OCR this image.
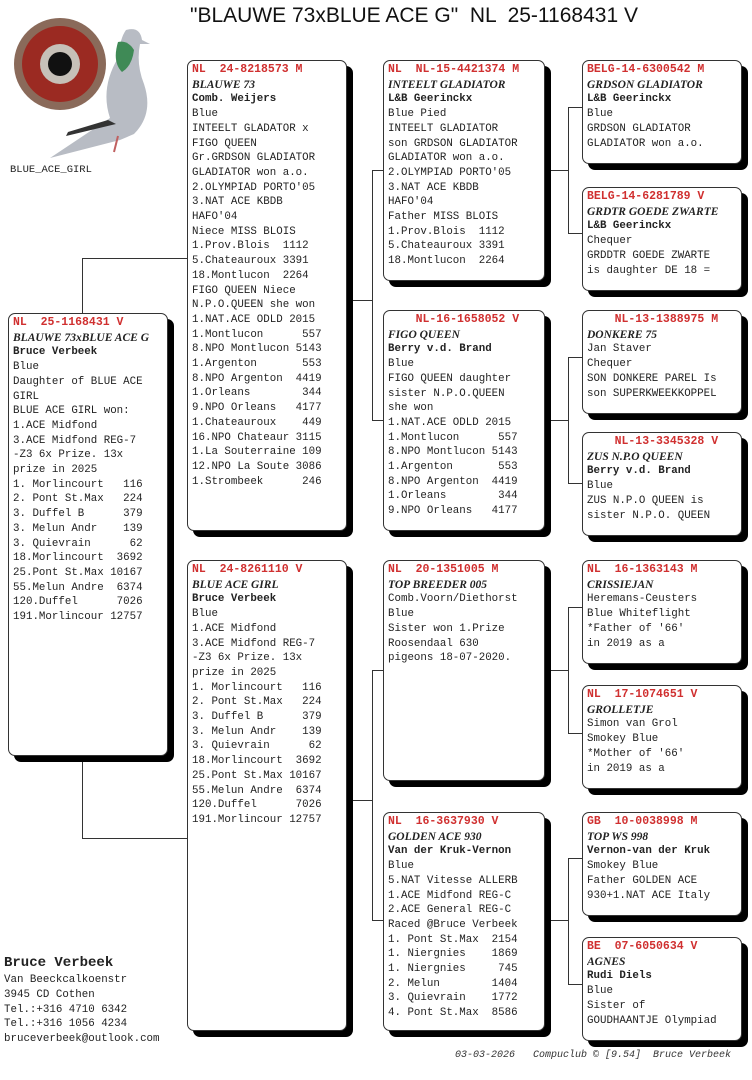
"BLAUWE 73xBLUE ACE G"  NL  25-1168431 V
BLUE_ACE_GIRL
NL  25-1168431 V
BLAUWE 73xBLUE ACE G
Bruce Verbeek
Blue
Daughter of BLUE ACE
GIRL
BLUE ACE GIRL won:
1.ACE Midfond
3.ACE Midfond REG-7
-Z3 6x Prize. 13x
prize in 2025
1. Morlincourt   116
2. Pont St.Max   224
3. Duffel B      379
3. Melun Andr    139
3. Quievrain      62
18.Morlincourt  3692
25.Pont St.Max 10167
55.Melun Andre  6374
120.Duffel      7026
191.Morlincour 12757
NL  24-8218573 M
BLAUWE 73
Comb. Weijers
Blue
INTEELT GLADATOR x
FIGO QUEEN
Gr.GRDSON GLADIATOR
GLADIATOR won a.o.
2.OLYMPIAD PORTO'05
3.NAT ACE KBDB
HAFO'04
Niece MISS BLOIS
1.Prov.Blois  1112
5.Chateauroux 3391
18.Montlucon  2264
FIGO QUEEN Niece
N.P.O.QUEEN she won
1.NAT.ACE ODLD 2015
1.Montlucon      557
8.NPO Montlucon 5143
1.Argenton       553
8.NPO Argenton  4419
1.Orleans        344
9.NPO Orleans   4177
1.Chateauroux    449
16.NPO Chateaur 3115
1.La Souterraine 109
12.NPO La Soute 3086
1.Strombeek      246
NL  24-8261110 V
BLUE ACE GIRL
Bruce Verbeek
Blue
1.ACE Midfond
3.ACE Midfond REG-7
-Z3 6x Prize. 13x
prize in 2025
1. Morlincourt   116
2. Pont St.Max   224
3. Duffel B      379
3. Melun Andr    139
3. Quievrain      62
18.Morlincourt  3692
25.Pont St.Max 10167
55.Melun Andre  6374
120.Duffel      7026
191.Morlincour 12757
NL  NL-15-4421374 M
INTEELT GLADIATOR
L&B Geerinckx
Blue Pied
INTEELT GLADIATOR
son GRDSON GLADIATOR
GLADIATOR won a.o.
2.OLYMPIAD PORTO'05
3.NAT ACE KBDB
HAFO'04
Father MISS BLOIS
1.Prov.Blois  1112
5.Chateauroux 3391
18.Montlucon  2264
NL-16-1658052 V
FIGO QUEEN
Berry v.d. Brand
Blue
FIGO QUEEN daughter
sister N.P.O.QUEEN
she won
1.NAT.ACE ODLD 2015
1.Montlucon      557
8.NPO Montlucon 5143
1.Argenton       553
8.NPO Argenton  4419
1.Orleans        344
9.NPO Orleans   4177
NL  20-1351005 M
TOP BREEDER 005
Comb.Voorn/Diethorst
Blue
Sister won 1.Prize
Roosendaal 630
pigeons 18-07-2020.
NL  16-3637930 V
GOLDEN ACE 930
Van der Kruk-Vernon
Blue
5.NAT Vitesse ALLERB
1.ACE Midfond REG-C
2.ACE General REG-C
Raced @Bruce Verbeek
1. Pont St.Max  2154
1. Niergnies    1869
1. Niergnies     745
2. Melun        1404
3. Quievrain    1772
4. Pont St.Max  8586
BELG-14-6300542 M
GRDSON GLADIATOR
L&B Geerinckx
Blue
GRDSON GLADIATOR
GLADIATOR won a.o.
BELG-14-6281789 V
GRDTR GOEDE ZWARTE
L&B Geerinckx
Chequer
GRDDTR GOEDE ZWARTE
is daughter DE 18 =
NL-13-1388975 M
DONKERE 75
Jan Staver
Chequer
SON DONKERE PAREL Is
son SUPERKWEEKKOPPEL
NL-13-3345328 V
ZUS N.P.O QUEEN
Berry v.d. Brand
Blue
ZUS N.P.O QUEEN is
sister N.P.O. QUEEN
NL  16-1363143 M
CRISSIEJAN
Heremans-Ceusters
Blue Whiteflight
*Father of '66'
in 2019 as a
NL  17-1074651 V
GROLLETJE
Simon van Grol
Smokey Blue
*Mother of '66'
in 2019 as a
GB  10-0038998 M
TOP WS 998
Vernon-van der Kruk
Smokey Blue
Father GOLDEN ACE
930+1.NAT ACE Italy
BE  07-6050634 V
AGNES
Rudi Diels
Blue
Sister of
GOUDHAANTJE Olympiad
Bruce Verbeek
Van Beeckcalkoenstr
3945 CD Cothen
Tel.:+316 4710 6342
Tel.:+316 1056 4234
bruceverbeek@outlook.com
03-03-2026   Compuclub © [9.54]  Bruce Verbeek
